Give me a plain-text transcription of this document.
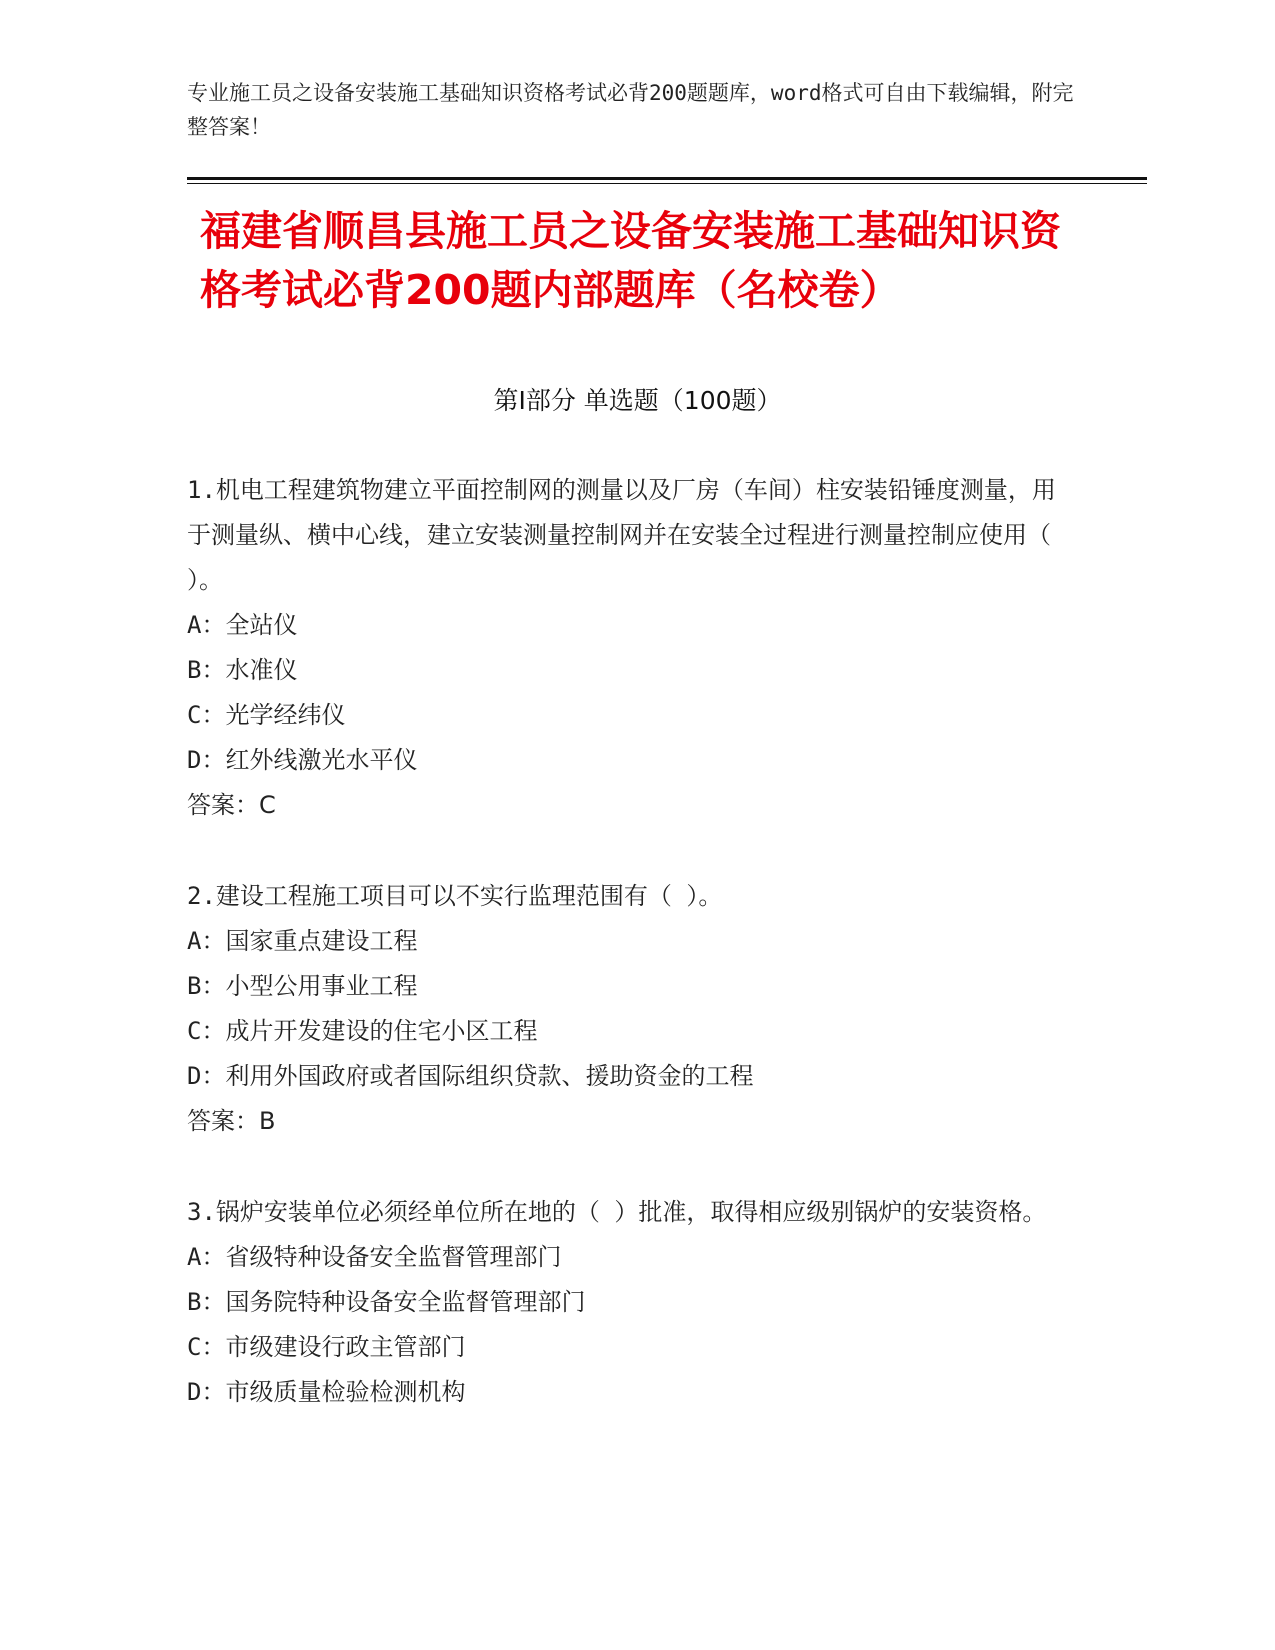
专业施工员之设备安装施工基础知识资格考试必背200题题库，word格式可自由下载编辑，附完整答案！
福建省顺昌县施工员之设备安装施工基础知识资格考试必背200题内部题库（名校卷）
第Ⅰ部分 单选题（100题）

1.机电工程建筑物建立平面控制网的测量以及厂房（车间）柱安装铅锤度测量，用于测量纵、横中心线，建立安装测量控制网并在安装全过程进行测量控制应使用（ ）。

A：全站仪

B：水准仪

C：光学经纬仪

D：红外线激光水平仪

答案：C

2.建设工程施工项目可以不实行监理范围有（ ）。

A：国家重点建设工程

B：小型公用事业工程

C：成片开发建设的住宅小区工程

D：利用外国政府或者国际组织贷款、援助资金的工程

答案：B

3.锅炉安装单位必须经单位所在地的（ ）批准，取得相应级别锅炉的安装资格。

A：省级特种设备安全监督管理部门

B：国务院特种设备安全监督管理部门

C：市级建设行政主管部门

D：市级质量检验检测机构
